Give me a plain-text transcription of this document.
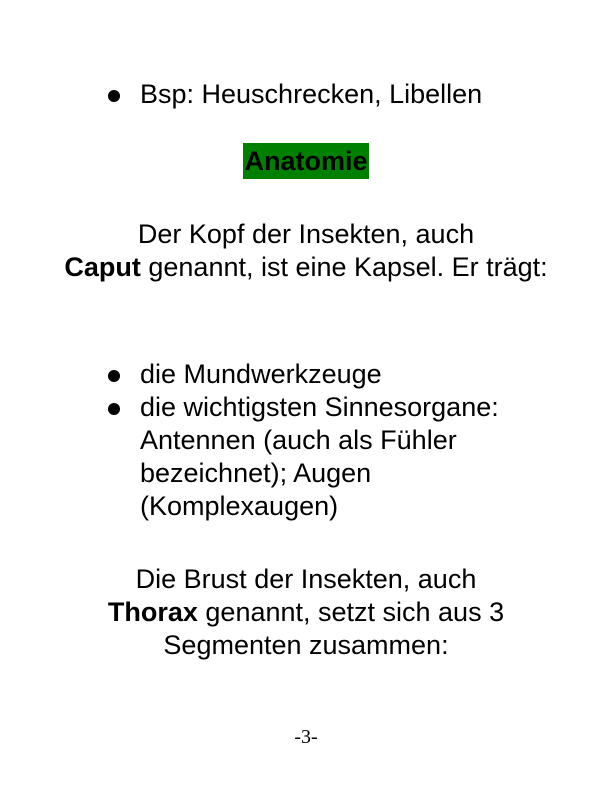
Bsp: Heuschrecken, Libellen
Anatomie

Der Kopf der Insekten, auch
Caput genannt, ist eine Kapsel. Er trägt:

die Mundwerkzeuge
die wichtigsten Sinnesorgane: Antennen (auch als Fühler bezeichnet); Augen (Komplexaugen)

Die Brust der Insekten, auch
Thorax genannt, setzt sich aus 3 Segmenten zusammen:

-3-
